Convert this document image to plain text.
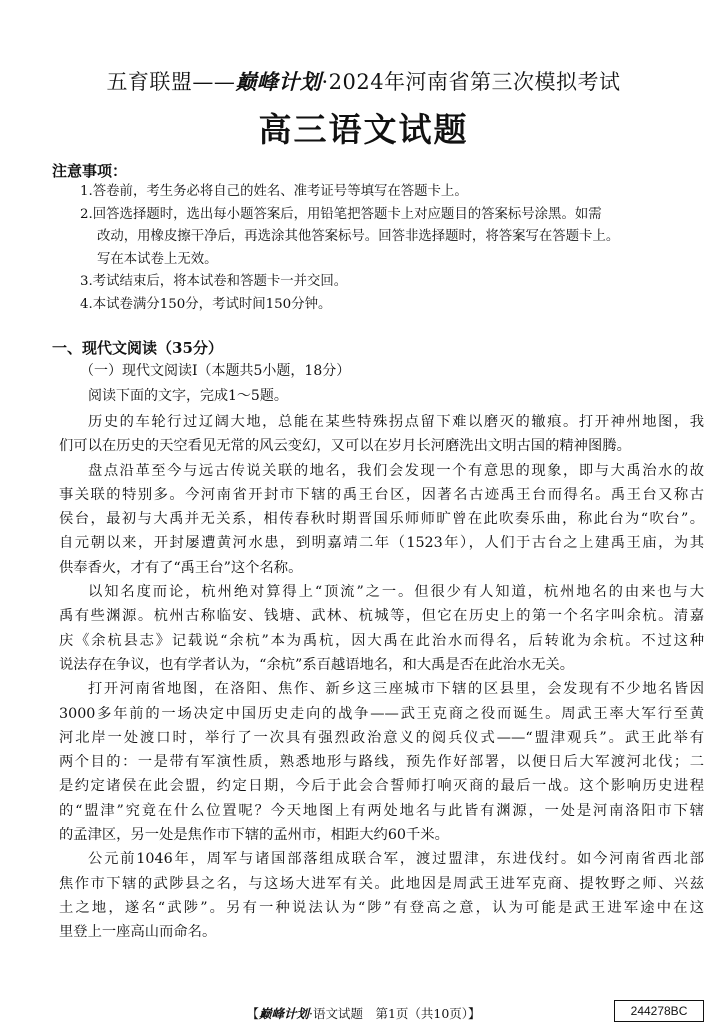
五育联盟——巅峰计划·2024年河南省第三次模拟考试
高三语文试题
注意事项：
1.答卷前，考生务必将自己的姓名、准考证号等填写在答题卡上。
2.回答选择题时，选出每小题答案后，用铅笔把答题卡上对应题目的答案标号涂黑。如需
改动，用橡皮擦干净后，再选涂其他答案标号。回答非选择题时，将答案写在答题卡上。
写在本试卷上无效。
3.考试结束后，将本试卷和答题卡一并交回。
4.本试卷满分150分，考试时间150分钟。
一、现代文阅读（35分）
（一）现代文阅读Ⅰ（本题共5小题，18分）
阅读下面的文字，完成1～5题。

历史的车轮行过辽阔大地，总能在某些特殊拐点留下难以磨灭的辙痕。打开神州地图，我
们可以在历史的天空看见无常的风云变幻，又可以在岁月长河磨洗出文明古国的精神图腾。

盘点沿革至今与远古传说关联的地名，我们会发现一个有意思的现象，即与大禹治水的故
事关联的特别多。今河南省开封市下辖的禹王台区，因著名古迹禹王台而得名。禹王台又称古
侯台，最初与大禹并无关系，相传春秋时期晋国乐师师旷曾在此吹奏乐曲，称此台为“吹台”。
自元朝以来，开封屡遭黄河水患，到明嘉靖二年（1523年），人们于古台之上建禹王庙，为其
供奉香火，才有了“禹王台”这个名称。

以知名度而论，杭州绝对算得上“顶流”之一。但很少有人知道，杭州地名的由来也与大
禹有些渊源。杭州古称临安、钱塘、武林、杭城等，但它在历史上的第一个名字叫余杭。清嘉
庆《余杭县志》记载说“余杭”本为禹杭，因大禹在此治水而得名，后转讹为余杭。不过这种
说法存在争议，也有学者认为，“余杭”系百越语地名，和大禹是否在此治水无关。

打开河南省地图，在洛阳、焦作、新乡这三座城市下辖的区县里，会发现有不少地名皆因
3000多年前的一场决定中国历史走向的战争——武王克商之役而诞生。周武王率大军行至黄
河北岸一处渡口时，举行了一次具有强烈政治意义的阅兵仪式——“盟津观兵”。武王此举有
两个目的：一是带有军演性质，熟悉地形与路线，预先作好部署，以便日后大军渡河北伐；二
是约定诸侯在此会盟，约定日期，今后于此会合誓师打响灭商的最后一战。这个影响历史进程
的“盟津”究竟在什么位置呢？今天地图上有两处地名与此皆有渊源，一处是河南洛阳市下辖
的孟津区，另一处是焦作市下辖的孟州市，相距大约60千米。

公元前1046年，周军与诸国部落组成联合军，渡过盟津，东进伐纣。如今河南省西北部
焦作市下辖的武陟县之名，与这场大进军有关。此地因是周武王进军克商、提牧野之师、兴兹
土之地，遂名“武陟”。另有一种说法认为“陟”有登高之意，认为可能是武王进军途中在这
里登上一座高山而命名。

【巅峰计划·语文试题　第1页（共10页）】	244278BC
